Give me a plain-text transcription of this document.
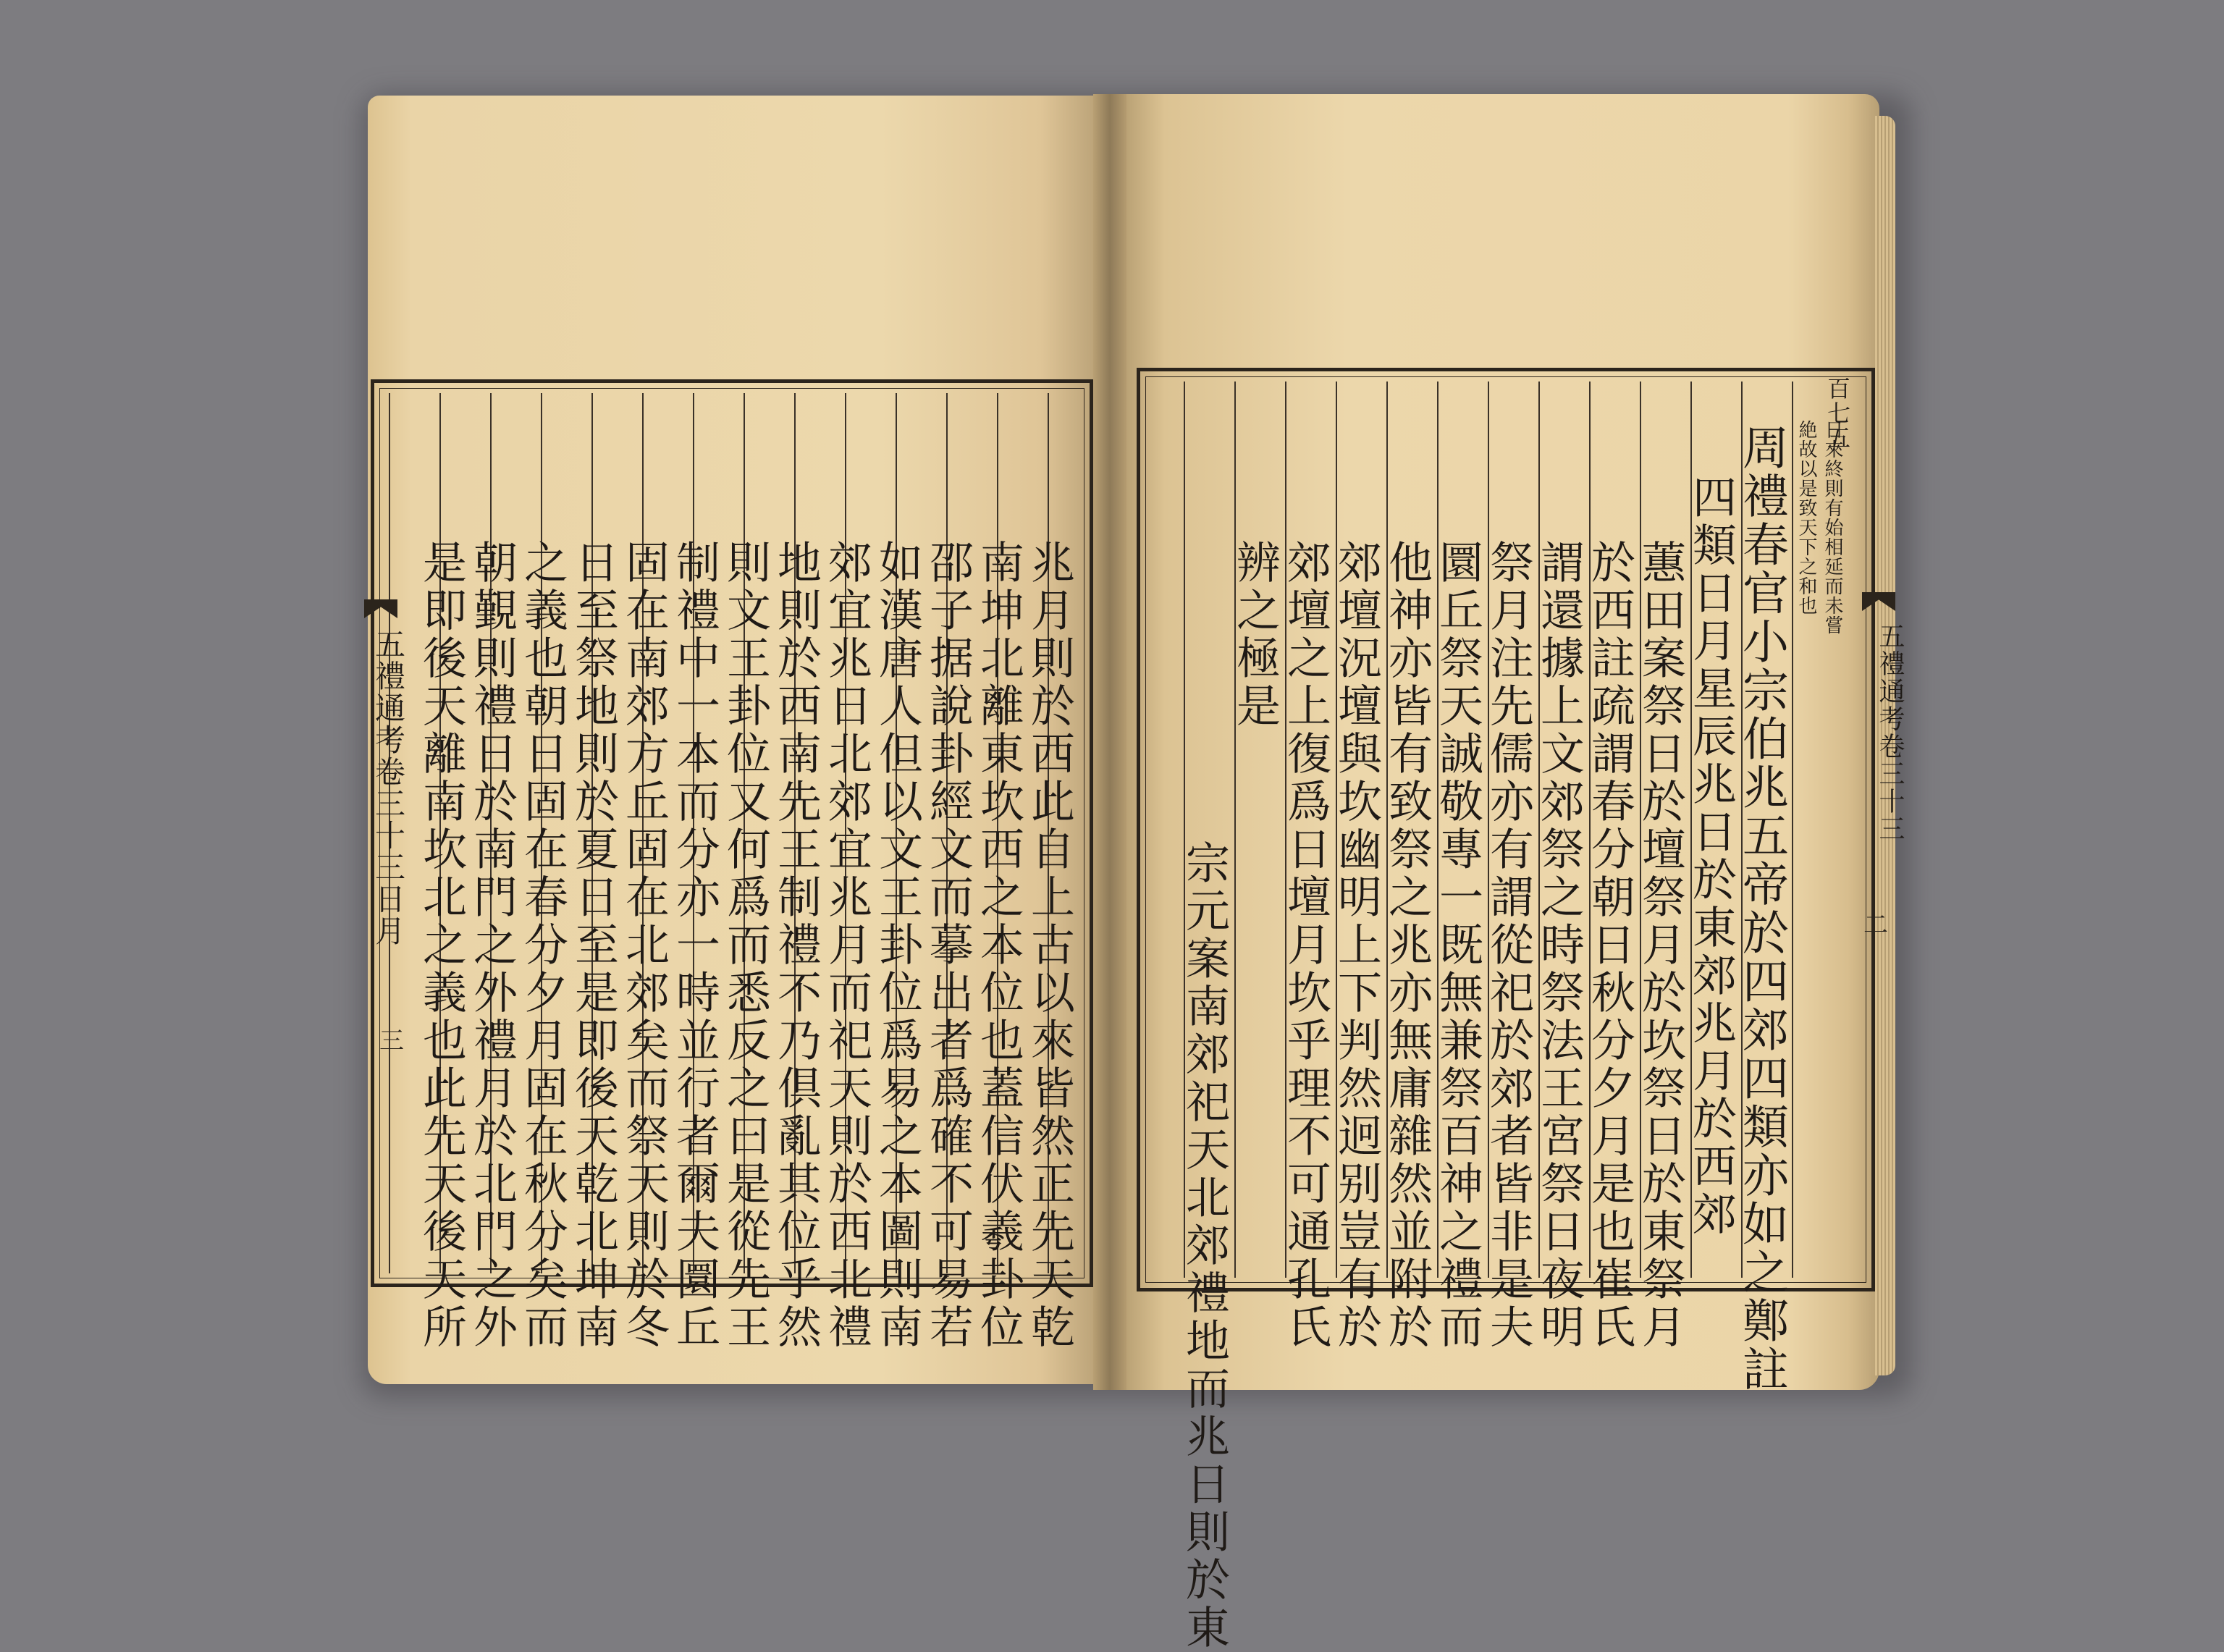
兆月則於西此自上古以來皆然正先天乾
南坤北離東坎西之本位也蓋信伏羲卦位
邵子据說卦經文而摹出者爲確不可易若
如漢唐人但以文王卦位爲易之本圖則南
郊宜兆日北郊宜兆月而祀天則於西北禮
地則於西南先王制禮不乃倶亂其位乎然
則文王卦位又何爲而悉反之曰是從先王
制禮中一本而分亦一時並行者爾夫圜丘
固在南郊方丘固在北郊矣而祭天則於冬
日至祭地則於夏日至是即後天乾北坤南
之義也朝日固在春分夕月固在秋分矣而
朝覲則禮日於南門之外禮月於北門之外
是即後天離南坎北之義也此先天後天所
五禮通考卷三十三日月
三
百七五
日來終則有始相延而未嘗
絶故以是致天下之和也
周禮春官小宗伯兆五帝於四郊四類亦如之鄭註
四類日月星辰兆日於東郊兆月於西郊
蕙田案祭日於壇祭月於坎祭日於東祭月
於西註疏謂春分朝日秋分夕月是也崔氏
謂還據上文郊祭之時祭法王宮祭日夜明
祭月注先儒亦有謂從祀於郊者皆非是夫
圜丘祭天誠敬專一既無兼祭百神之禮而
他神亦皆有致祭之兆亦無庸雜然並附於
郊壇況壇與坎幽明上下判然迥别豈有於
郊壇之上復爲日壇月坎乎理不可通孔氏
辨之極是
宗元案南郊祀天北郊禮地而兆日則於東
五禮通考卷三十三
二
